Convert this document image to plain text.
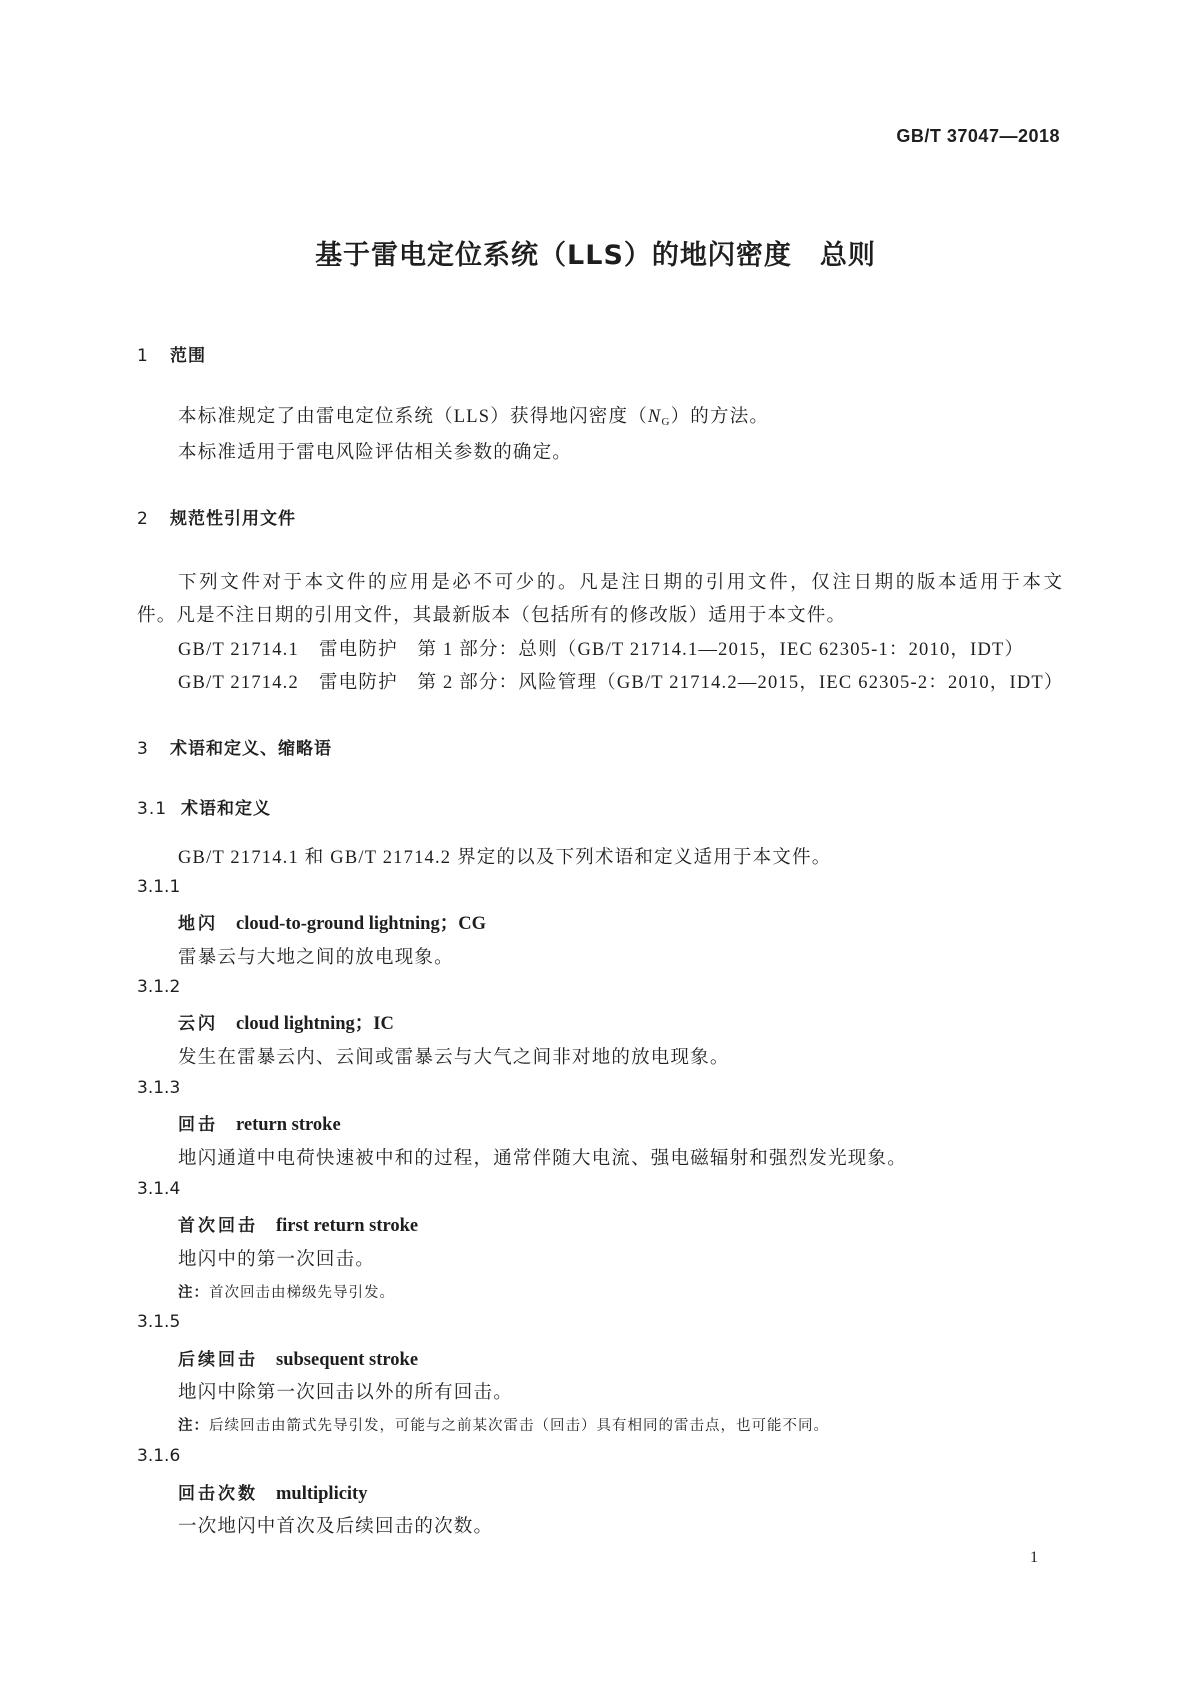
GB/T 37047—2018
基于雷电定位系统（LLS）的地闪密度　总则
1 范围
本标准规定了由雷电定位系统（LLS）获得地闪密度$(N_G)$的方法。
本标准适用于雷电风险评估相关参数的确定。
2 规范性引用文件
下列文件对于本文件的应用是必不可少的。凡是注日期的引用文件，仅注日期的版本适用于本文
件。凡是不注日期的引用文件，其最新版本（包括所有的修改版）适用于本文件。
GB/T 21714.1 雷电防护　第 1 部分：总则（GB/T 21714.1—2015，IEC 62305-1：2010，IDT）
GB/T 21714.2 雷电防护　第 2 部分：风险管理（GB/T 21714.2—2015，IEC 62305-2：2010，IDT）
3 术语和定义、缩略语
3.1 术语和定义
GB/T 21714.1 和 GB/T 21714.2 界定的以及下列术语和定义适用于本文件。
3.1.1
地闪 cloud-to-ground lightning；CG
雷暴云与大地之间的放电现象。
3.1.2
云闪 cloud lightning；IC
发生在雷暴云内、云间或雷暴云与大气之间非对地的放电现象。
3.1.3
回击 return stroke
地闪通道中电荷快速被中和的过程，通常伴随大电流、强电磁辐射和强烈发光现象。
3.1.4
首次回击 first return stroke
地闪中的第一次回击。
注：首次回击由梯级先导引发。
3.1.5
后续回击 subsequent stroke
地闪中除第一次回击以外的所有回击。
注：后续回击由箭式先导引发，可能与之前某次雷击（回击）具有相同的雷击点，也可能不同。
3.1.6
回击次数 multiplicity
一次地闪中首次及后续回击的次数。
1
